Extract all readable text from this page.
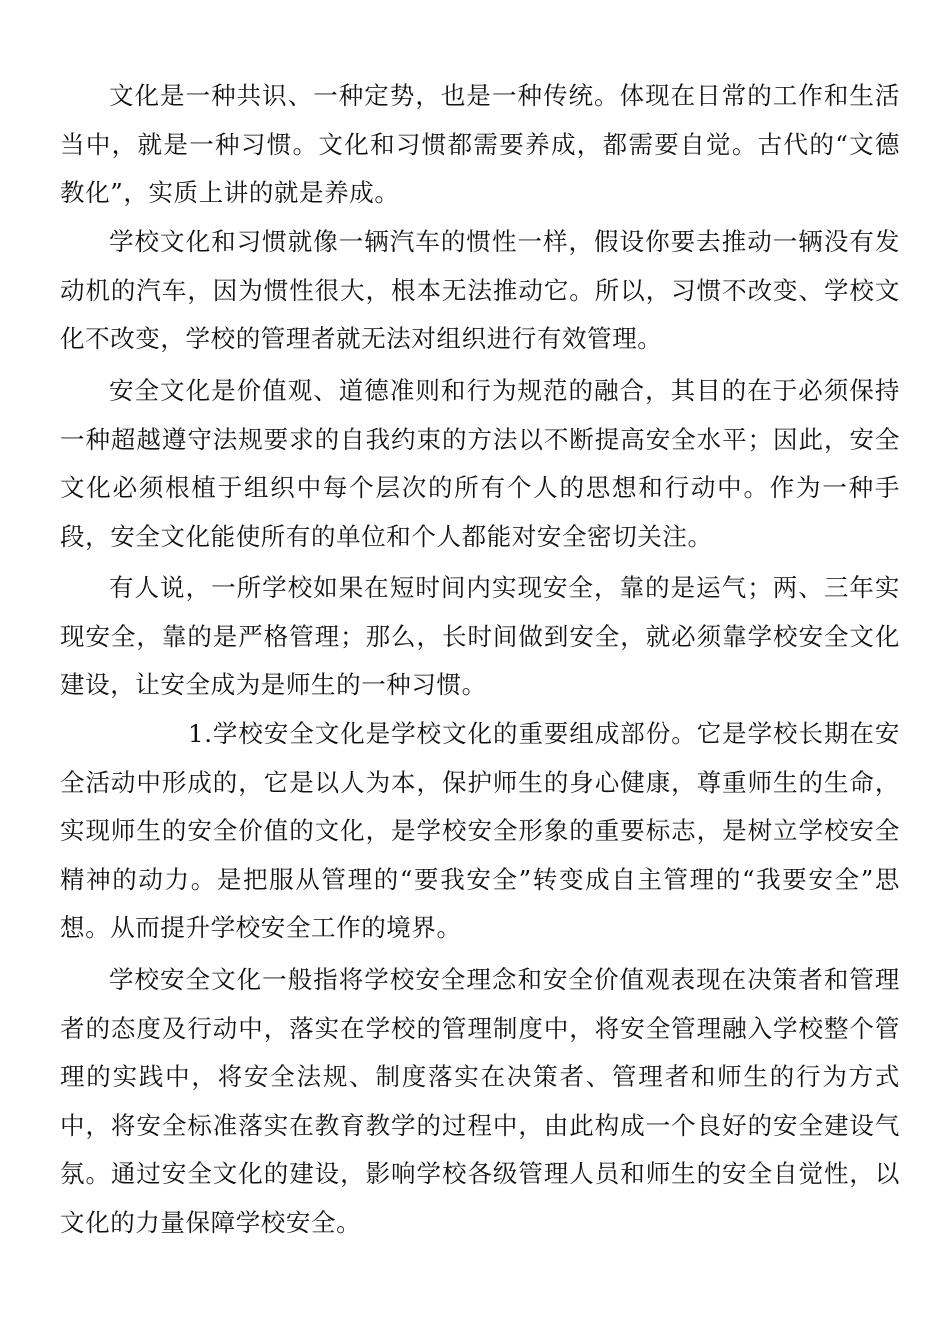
文化是一种共识、一种定势，也是一种传统。体现在日常的工作和生活当中，就是一种习惯。文化和习惯都需要养成，都需要自觉。古代的“文德教化”，实质上讲的就是养成。

学校文化和习惯就像一辆汽车的惯性一样，假设你要去推动一辆没有发动机的汽车，因为惯性很大，根本无法推动它。所以，习惯不改变、学校文化不改变，学校的管理者就无法对组织进行有效管理。

安全文化是价值观、道德准则和行为规范的融合，其目的在于必须保持一种超越遵守法规要求的自我约束的方法以不断提高安全水平；因此，安全文化必须根植于组织中每个层次的所有个人的思想和行动中。作为一种手段，安全文化能使所有的单位和个人都能对安全密切关注。

有人说，一所学校如果在短时间内实现安全，靠的是运气；两、三年实现安全，靠的是严格管理；那么，长时间做到安全，就必须靠学校安全文化建设，让安全成为是师生的一种习惯。

1.学校安全文化是学校文化的重要组成部份。它是学校长期在安全活动中形成的，它是以人为本，保护师生的身心健康，尊重师生的生命，实现师生的安全价值的文化，是学校安全形象的重要标志，是树立学校安全精神的动力。是把服从管理的“要我安全”转变成自主管理的“我要安全”思想。从而提升学校安全工作的境界。

学校安全文化一般指将学校安全理念和安全价值观表现在决策者和管理者的态度及行动中，落实在学校的管理制度中，将安全管理融入学校整个管理的实践中，将安全法规、制度落实在决策者、管理者和师生的行为方式中，将安全标准落实在教育教学的过程中，由此构成一个良好的安全建设气氛。通过安全文化的建设，影响学校各级管理人员和师生的安全自觉性，以文化的力量保障学校安全。
